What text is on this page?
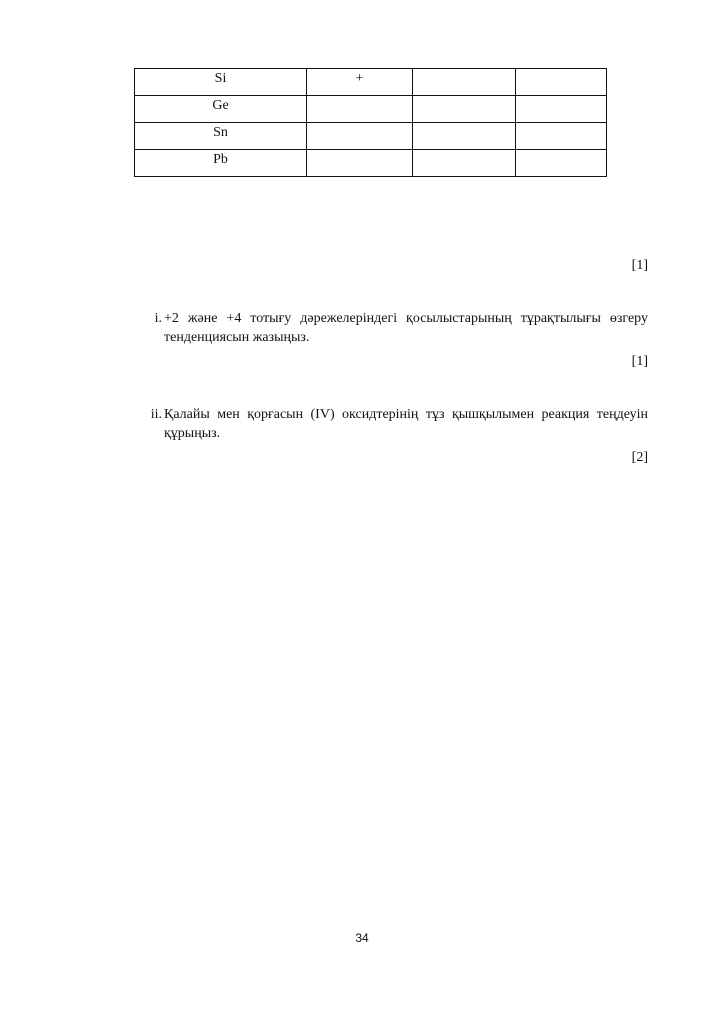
Si	+		
Ge			
Sn			
Pb			
[1]
i. +2 және +4 тотығу дәрежелеріндегі қосылыстарының тұрақтылығы өзгеру тенденциясын жазыңыз.
[1]
ii. Қалайы мен қорғасын (IV) оксидтерінің тұз қышқылымен реакция теңдеуін құрыңыз.
[2]
34
